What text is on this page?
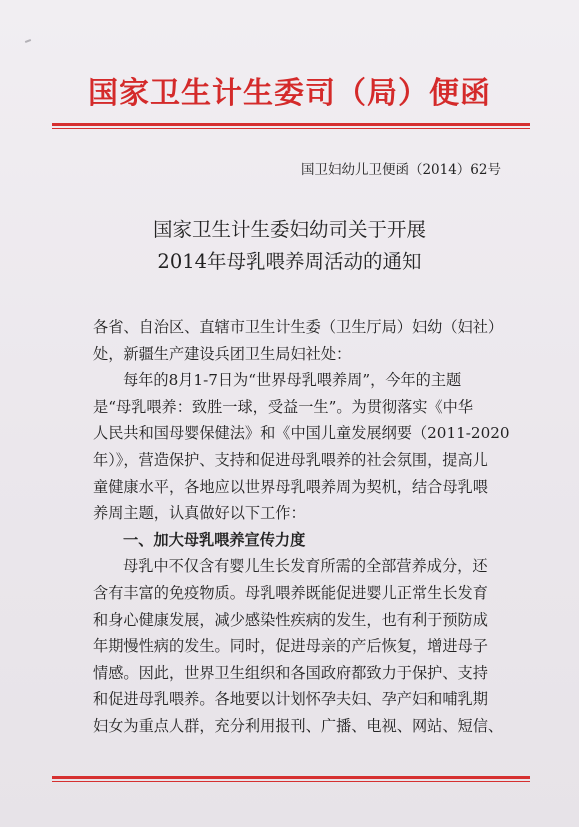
国家卫生计生委司（局）便函
国卫妇幼儿卫便函（2014）62号
国家卫生计生委妇幼司关于开展
2014年母乳喂养周活动的通知
各省、自治区、直辖市卫生计生委（卫生厅局）妇幼（妇社）
处，新疆生产建设兵团卫生局妇社处：
每年的8月1-7日为“世界母乳喂养周”，今年的主题
是“母乳喂养：致胜一球，受益一生”。为贯彻落实《中华
人民共和国母婴保健法》和《中国儿童发展纲要（2011-2020
年）》，营造保护、支持和促进母乳喂养的社会氛围，提高儿
童健康水平，各地应以世界母乳喂养周为契机，结合母乳喂
养周主题，认真做好以下工作：
一、加大母乳喂养宣传力度
母乳中不仅含有婴儿生长发育所需的全部营养成分，还
含有丰富的免疫物质。母乳喂养既能促进婴儿正常生长发育
和身心健康发展，减少感染性疾病的发生，也有利于预防成
年期慢性病的发生。同时，促进母亲的产后恢复，增进母子
情感。因此，世界卫生组织和各国政府都致力于保护、支持
和促进母乳喂养。各地要以计划怀孕夫妇、孕产妇和哺乳期
妇女为重点人群，充分利用报刊、广播、电视、网站、短信、
